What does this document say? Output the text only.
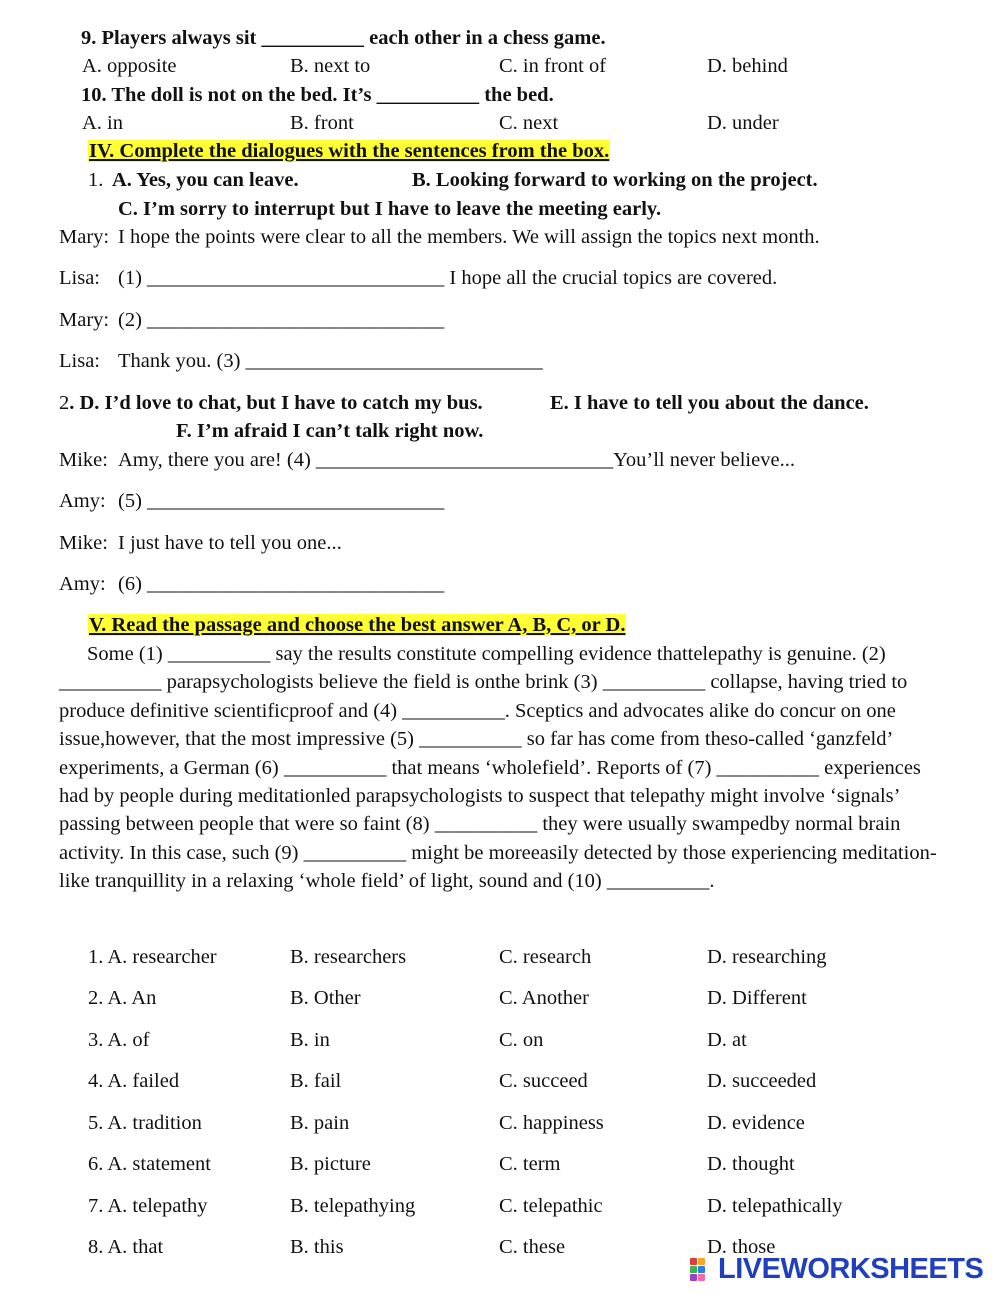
9. Players always sit __________ each other in a chess game.
A. opposite	B. next to	C. in front of	D. behind
10. The doll is not on the bed. It’s __________ the bed.
A. in	B. front	C. next	D. under
IV. Complete the dialogues with the sentences from the box.
1. A. Yes, you can leave.	B. Looking forward to working on the project.
C. I’m sorry to interrupt but I have to leave the meeting early.
Mary: I hope the points were clear to all the members. We will assign the topics next month.
Lisa: (1) _____________________________ I hope all the crucial topics are covered.
Mary: (2) _____________________________
Lisa: Thank you. (3) _____________________________
2. D. I’d love to chat, but I have to catch my bus.	E. I have to tell you about the dance.
F. I’m afraid I can’t talk right now.
Mike: Amy, there you are! (4) _____________________________You’ll never believe...
Amy: (5) _____________________________
Mike: I just have to tell you one...
Amy: (6) _____________________________
V. Read the passage and choose the best answer A, B, C, or D.
Some (1) __________ say the results constitute compelling evidence thattelepathy is genuine. (2) __________ parapsychologists believe the field is onthe brink (3) __________ collapse, having tried to produce definitive scientificproof and (4) __________. Sceptics and advocates alike do concur on one issue,however, that the most impressive (5) __________ so far has come from theso-called ‘ganzfeld’ experiments, a German (6) __________ that means ‘wholefield’. Reports of (7) __________ experiences had by people during meditationled parapsychologists to suspect that telepathy might involve ‘signals’ passing between people that were so faint (8) __________ they were usually swampedby normal brain activity. In this case, such (9) __________ might be moreeasily detected by those experiencing meditation-like tranquillity in a relaxing ‘whole field’ of light, sound and (10) __________.
1. A. researcher	B. researchers	C. research	D. researching
2. A. An	B. Other	C. Another	D. Different
3. A. of	B. in	C. on	D. at
4. A. failed	B. fail	C. succeed	D. succeeded
5. A. tradition	B. pain	C. happiness	D. evidence
6. A. statement	B. picture	C. term	D. thought
7. A. telepathy	B. telepathying	C. telepathic	D. telepathically
8. A. that	B. this	C. these	D. those
LIVEWORKSHEETS
